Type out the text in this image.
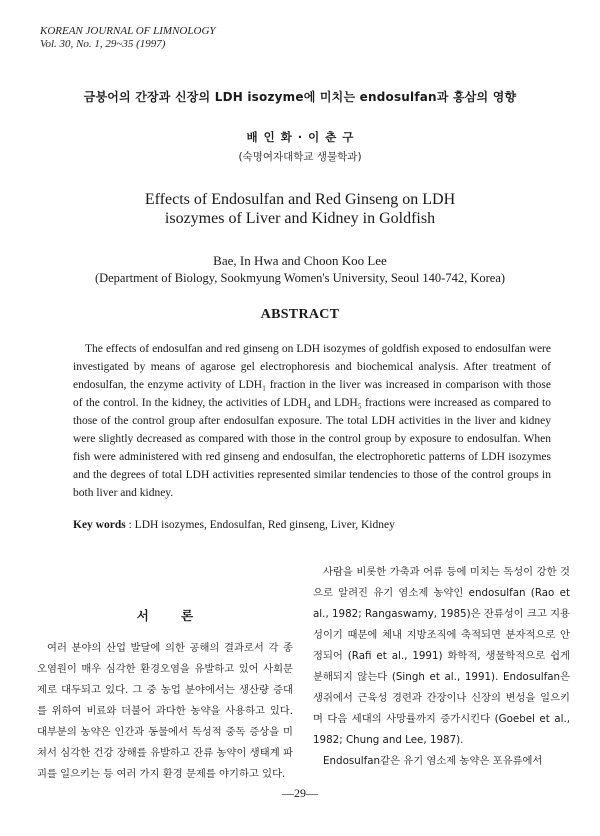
KOREAN JOURNAL OF LIMNOLOGY
Vol. 30, No. 1, 29~35 (1997)
금붕어의 간장과 신장의 LDH isozyme에 미치는 endosulfan과 홍삼의 영향
배 인 화 · 이 춘 구
(숙명여자대학교 생물학과)
Effects of Endosulfan and Red Ginseng on LDH
isozymes of Liver and Kidney in Goldfish
Bae, In Hwa and Choon Koo Lee
(Department of Biology, Sookmyung Women's University, Seoul 140-742, Korea)
ABSTRACT
The effects of endosulfan and red ginseng on LDH isozymes of goldfish exposed to endosulfan were investigated by means of agarose gel electrophoresis and biochemical analysis. After treatment of endosulfan, the enzyme activity of LDH₁ fraction in the liver was increased in comparison with those of the control. In the kidney, the activities of LDH₄ and LDH₅ fractions were increased as compared to those of the control group after endosulfan exposure. The total LDH activities in the liver and kidney were slightly decreased as compared with those in the control group by exposure to endosulfan. When fish were administered with red ginseng and endosulfan, the electrophoretic patterns of LDH isozymes and the degrees of total LDH activities represented similar tendencies to those of the control groups in both liver and kidney.
Key words : LDH isozymes, Endosulfan, Red ginseng, Liver, Kidney
서 론
여러 분야의 산업 발달에 의한 공해의 결과로서 각 종 오염원이 매우 심각한 환경오염을 유발하고 있어 사회문제로 대두되고 있다. 그 중 농업 분야에서는 생산량 증대를 위하여 비료와 더불어 과다한 농약을 사용하고 있다. 대부분의 농약은 인간과 동물에서 독성적 중독 증상을 미쳐서 심각한 건강 장해를 유발하고 잔류 농약이 생태계 파괴를 일으키는 등 여러 가지 환경 문제를 야기하고 있다.
사람을 비롯한 가축과 어류 등에 미치는 독성이 강한 것으로 알려진 유기 염소제 농약인 endosulfan (Rao et al., 1982; Rangaswamy, 1985)은 잔류성이 크고 지용성이기 때문에 체내 지방조직에 축적되면 분자적으로 안정되어 (Rafi et al., 1991) 화학적, 생물학적으로 쉽게 분해되지 않는다 (Singh et al., 1991). Endosulfan은 생쥐에서 근육성 경련과 간장이나 신장의 변성을 일으키며 다음 세대의 사망률까지 증가시킨다 (Goebel et al., 1982; Chung and Lee, 1987).
Endosulfan같은 유기 염소제 농약은 포유류에서
—29—
